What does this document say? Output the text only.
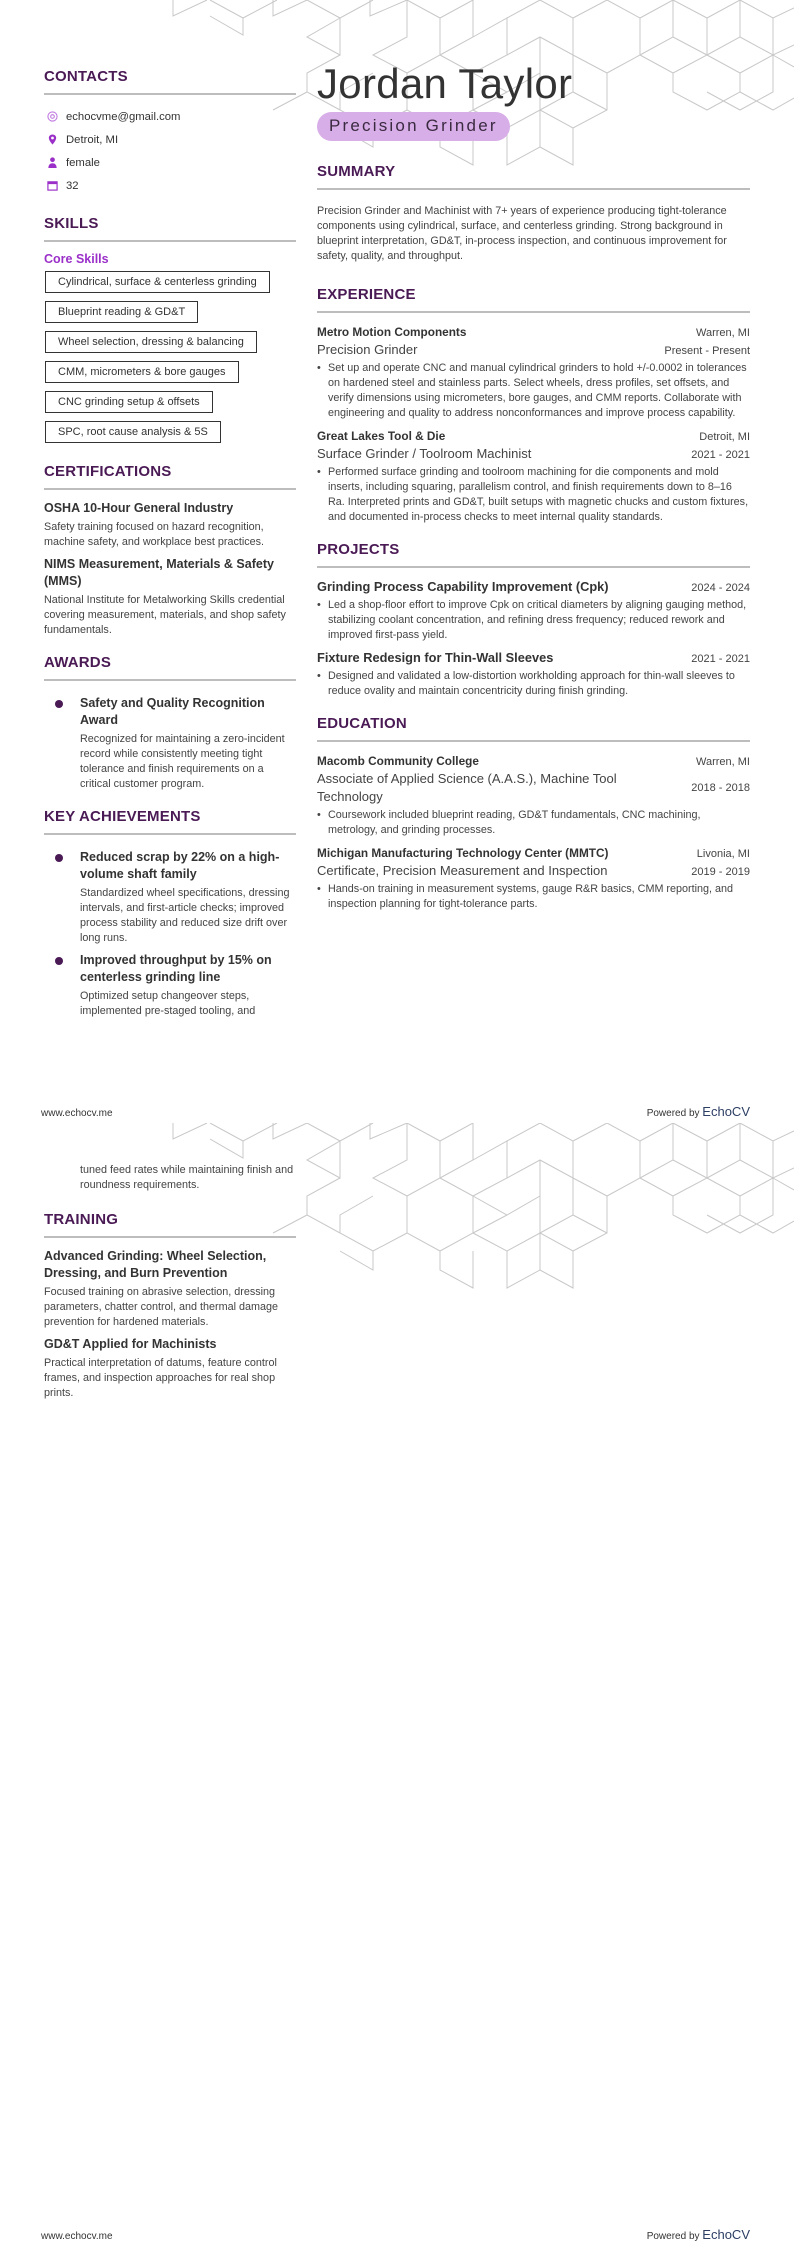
CONTACTS
echocvme@gmail.com
Detroit, MI
female
32
SKILLS
Core Skills
Cylindrical, surface & centerless grinding
Blueprint reading & GD&T
Wheel selection, dressing & balancing
CMM, micrometers & bore gauges
CNC grinding setup & offsets
SPC, root cause analysis & 5S
CERTIFICATIONS
OSHA 10-Hour General Industry
Safety training focused on hazard recognition, machine safety, and workplace best practices.
NIMS Measurement, Materials & Safety (MMS)
National Institute for Metalworking Skills credential covering measurement, materials, and shop safety fundamentals.
AWARDS
Safety and Quality Recognition Award
Recognized for maintaining a zero-incident record while consistently meeting tight tolerance and finish requirements on a critical customer program.
KEY ACHIEVEMENTS
Reduced scrap by 22% on a high-volume shaft family
Standardized wheel specifications, dressing intervals, and first-article checks; improved process stability and reduced size drift over long runs.
Improved throughput by 15% on centerless grinding line
Optimized setup changeover steps, implemented pre-staged tooling, and
Jordan Taylor
Precision Grinder
SUMMARY
Precision Grinder and Machinist with 7+ years of experience producing tight-tolerance components using cylindrical, surface, and centerless grinding. Strong background in blueprint interpretation, GD&T, in-process inspection, and continuous improvement for safety, quality, and throughput.
EXPERIENCE
Metro Motion Components	Warren, MI
Precision Grinder	Present - Present
• Set up and operate CNC and manual cylindrical grinders to hold +/-0.0002 in tolerances on hardened steel and stainless parts. Select wheels, dress profiles, set offsets, and verify dimensions using micrometers, bore gauges, and CMM reports. Collaborate with engineering and quality to address nonconformances and improve process capability.
Great Lakes Tool & Die	Detroit, MI
Surface Grinder / Toolroom Machinist	2021 - 2021
• Performed surface grinding and toolroom machining for die components and mold inserts, including squaring, parallelism control, and finish requirements down to 8–16 Ra. Interpreted prints and GD&T, built setups with magnetic chucks and custom fixtures, and documented in-process checks to meet internal quality standards.
PROJECTS
Grinding Process Capability Improvement (Cpk)	2024 - 2024
• Led a shop-floor effort to improve Cpk on critical diameters by aligning gauging method, stabilizing coolant concentration, and refining dress frequency; reduced rework and improved first-pass yield.
Fixture Redesign for Thin-Wall Sleeves	2021 - 2021
• Designed and validated a low-distortion workholding approach for thin-wall sleeves to reduce ovality and maintain concentricity during finish grinding.
EDUCATION
Macomb Community College	Warren, MI
Associate of Applied Science (A.A.S.), Machine Tool Technology
2018 - 2018
• Coursework included blueprint reading, GD&T fundamentals, CNC machining, metrology, and grinding processes.
Michigan Manufacturing Technology Center (MMTC)	Livonia, MI
Certificate, Precision Measurement and Inspection	2019 - 2019
• Hands-on training in measurement systems, gauge R&R basics, CMM reporting, and inspection planning for tight-tolerance parts.
www.echocv.me	Powered by EchoCV
tuned feed rates while maintaining finish and roundness requirements.
TRAINING
Advanced Grinding: Wheel Selection, Dressing, and Burn Prevention
Focused training on abrasive selection, dressing parameters, chatter control, and thermal damage prevention for hardened materials.
GD&T Applied for Machinists
Practical interpretation of datums, feature control frames, and inspection approaches for real shop prints.
www.echocv.me	Powered by EchoCV
